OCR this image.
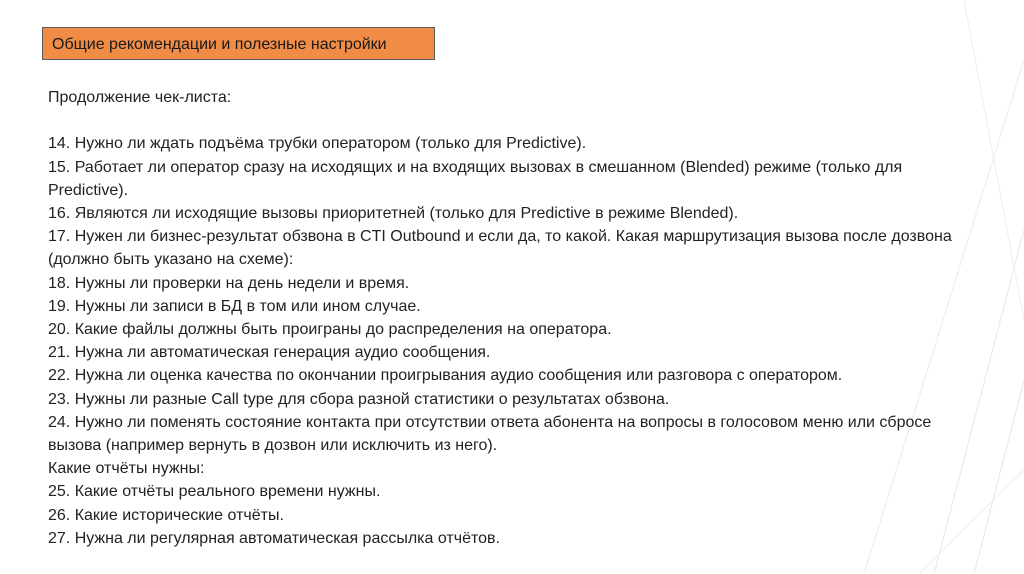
Общие рекомендации и полезные настройки

Продолжение чек-листа:

14. Нужно ли ждать подъёма трубки оператором (только для Predictive).

15. Работает ли оператор сразу на исходящих и на входящих вызовах в смешанном (Blended) режиме (только для Predictive).

16. Являются ли исходящие вызовы приоритетней (только для Predictive в режиме Blended).

17. Нужен ли бизнес-результат обзвона в CTI Outbound и если да, то какой. Какая маршрутизация вызова после дозвона (должно быть указано на схеме):

18. Нужны ли проверки на день недели и время.

19. Нужны ли записи в БД в том или ином случае.

20. Какие файлы должны быть проиграны до распределения на оператора.

21. Нужна ли автоматическая генерация аудио сообщения.

22. Нужна ли оценка качества по окончании проигрывания аудио сообщения или разговора с оператором.

23. Нужны ли разные Call type для сбора разной статистики о результатах обзвона.

24. Нужно ли поменять состояние контакта при отсутствии ответа абонента на вопросы в голосовом меню или сбросе вызова (например вернуть в дозвон или исключить из него).

Какие отчёты нужны:

25. Какие отчёты реального времени нужны.

26. Какие исторические отчёты.

27. Нужна ли регулярная автоматическая рассылка отчётов.
